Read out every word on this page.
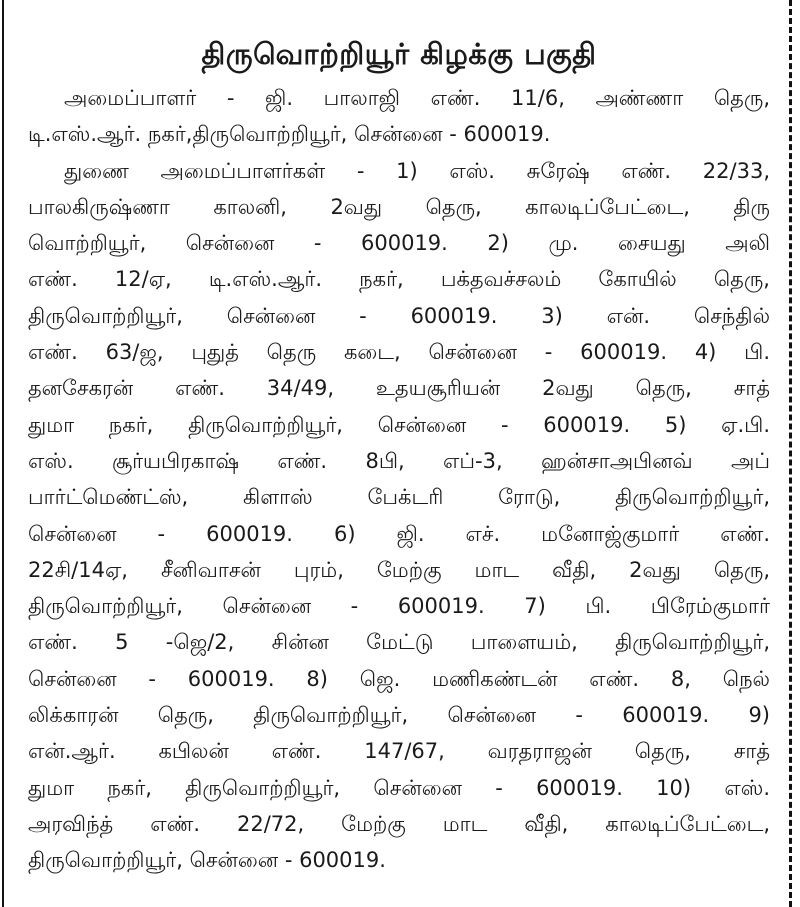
திருவொற்றியூர் கிழக்கு பகுதி

அமைப்பாளர் - ஜி. பாலாஜி எண். 11/6, அண்ணா தெரு,

டி.எஸ்.ஆர். நகர்,திருவொற்றியூர், சென்னை - 600019.

துணை அமைப்பாளர்கள் - 1) எஸ். சுரேஷ் எண். 22/33,

பாலகிருஷ்ணா காலனி, 2வது தெரு, காலடிப்பேட்டை, திரு

வொற்றியூர், சென்னை - 600019. 2) மு. சையது அலி

எண். 12/ஏ, டி.எஸ்.ஆர். நகர், பக்தவச்சலம் கோயில் தெரு,

திருவொற்றியூர், சென்னை - 600019. 3) என். செந்தில்

எண். 63/ஜ, புதுத் தெரு கடை, சென்னை - 600019. 4) பி.

தனசேகரன் எண். 34/49, உதயசூரியன் 2வது தெரு, சாத்

துமா நகர், திருவொற்றியூர், சென்னை - 600019. 5) ஏ.பி.

எஸ். சூர்யபிரகாஷ் எண். 8பி, எப்-3, ஹன்சாஅபினவ் அப்

பார்ட்மெண்ட்ஸ், கிளாஸ் பேக்டரி ரோடு, திருவொற்றியூர்,

சென்னை - 600019. 6) ஜி. எச். மனோஜ்குமார் எண்.

22சி/14ஏ, சீனிவாசன் புரம், மேற்கு மாட வீதி, 2வது தெரு,

திருவொற்றியூர், சென்னை - 600019. 7) பி. பிரேம்குமார்

எண். 5 -ஜெ/2, சின்ன மேட்டு பாளையம், திருவொற்றியூர்,

சென்னை - 600019. 8) ஜெ. மணிகண்டன் எண். 8, நெல்

லிக்காரன் தெரு, திருவொற்றியூர், சென்னை - 600019. 9)

என்.ஆர். கபிலன் எண். 147/67, வரதராஜன் தெரு, சாத்

துமா நகர், திருவொற்றியூர், சென்னை - 600019. 10) எஸ்.

அரவிந்த் எண். 22/72, மேற்கு மாட வீதி, காலடிப்பேட்டை,

திருவொற்றியூர், சென்னை - 600019.
